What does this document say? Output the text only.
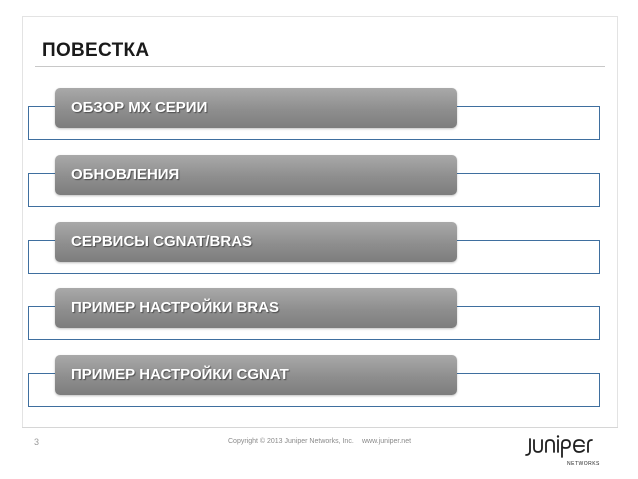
ПОВЕСТКА
ОБЗОР МХ СЕРИИ
ОБНОВЛЕНИЯ
СЕРВИСЫ CGNAT/BRAS
ПРИМЕР НАСТРОЙКИ BRAS
ПРИМЕР НАСТРОЙКИ CGNAT
3	Copyright © 2013 Juniper Networks, Inc. www.juniper.net
NETWORKS
